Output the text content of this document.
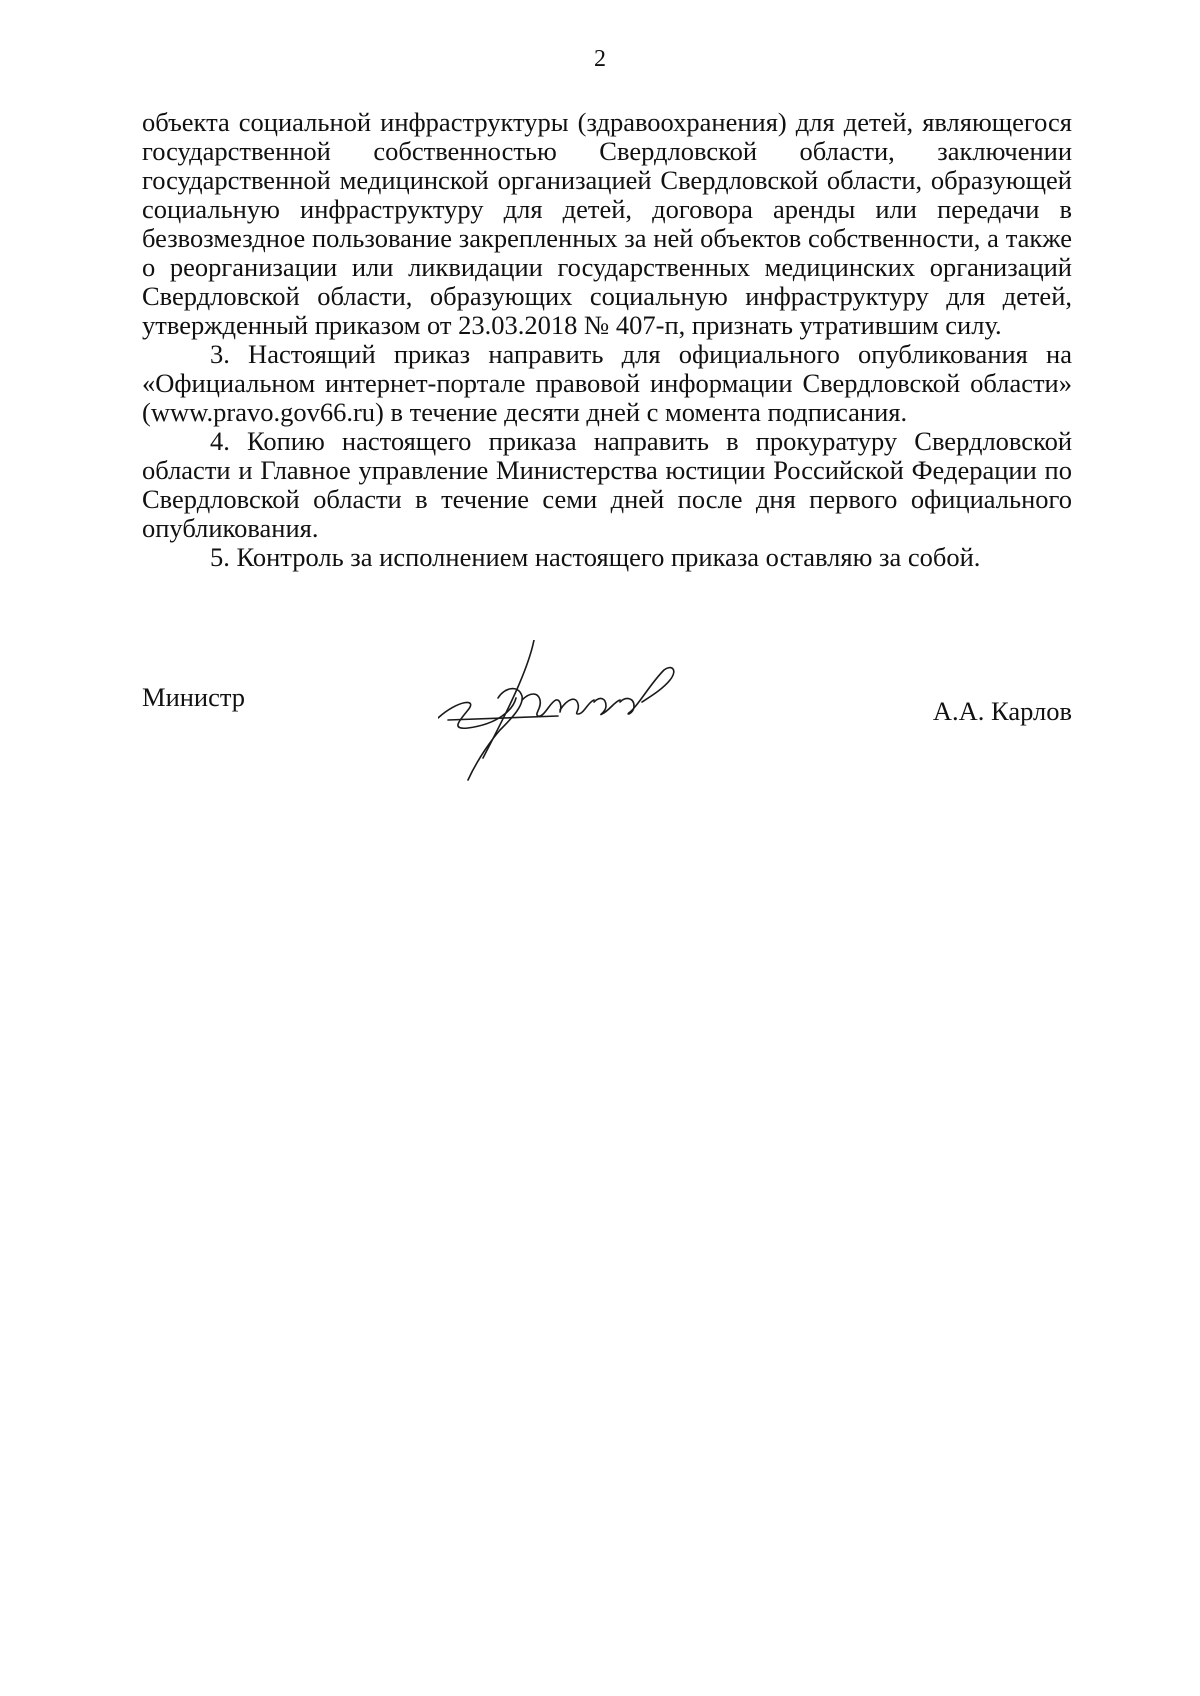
2

объекта социальной инфраструктуры (здравоохранения) для детей, являющегося государственной собственностью Свердловской области, заключении государственной медицинской организацией Свердловской области, образующей социальную инфраструктуру для детей, договора аренды или передачи в безвозмездное пользование закрепленных за ней объектов собственности, а также о реорганизации или ликвидации государственных медицинских организаций Свердловской области, образующих социальную инфраструктуру для детей, утвержденный приказом от 23.03.2018 № 407-п, признать утратившим силу.

3. Настоящий приказ направить для официального опубликования на «Официальном интернет-портале правовой информации Свердловской области» (www.pravo.gov66.ru) в течение десяти дней с момента подписания.

4. Копию настоящего приказа направить в прокуратуру Свердловской области и Главное управление Министерства юстиции Российской Федерации по Свердловской области в течение семи дней после дня первого официального опубликования.

5. Контроль за исполнением настоящего приказа оставляю за собой.

Министр	А.А. Карлов
